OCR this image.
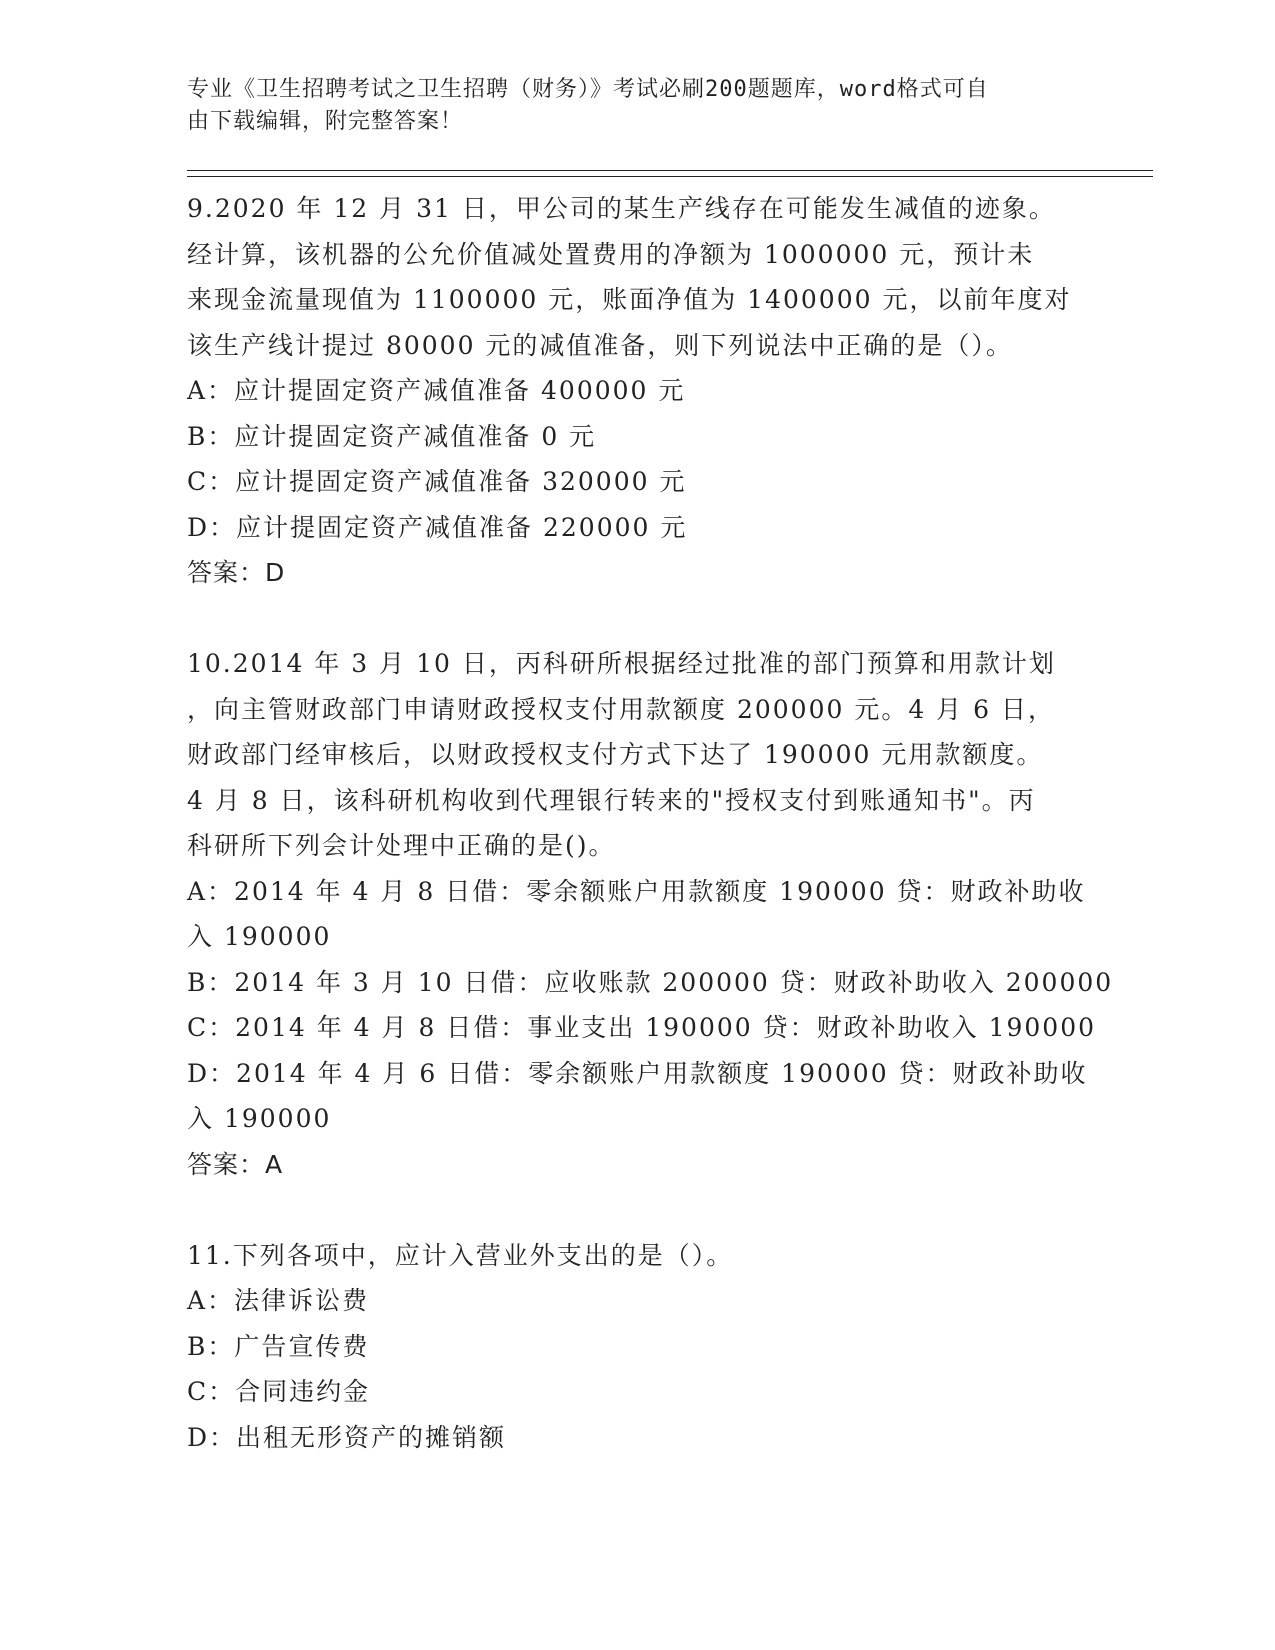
专业《卫生招聘考试之卫生招聘（财务）》考试必刷200题题库，word格式可自
由下载编辑，附完整答案！
9.2020 年 12 月 31 日，甲公司的某生产线存在可能发生减值的迹象。
经计算，该机器的公允价值减处置费用的净额为 1000000 元，预计未
来现金流量现值为 1100000 元，账面净值为 1400000 元，以前年度对
该生产线计提过 80000 元的减值准备，则下列说法中正确的是（）。
A：应计提固定资产减值准备 400000 元
B：应计提固定资产减值准备 0 元
C：应计提固定资产减值准备 320000 元
D：应计提固定资产减值准备 220000 元
答案：D
10.2014 年 3 月 10 日，丙科研所根据经过批准的部门预算和用款计划
，向主管财政部门申请财政授权支付用款额度 200000 元。4 月 6 日，
财政部门经审核后，以财政授权支付方式下达了 190000 元用款额度。
4 月 8 日，该科研机构收到代理银行转来的"授权支付到账通知书"。丙
科研所下列会计处理中正确的是()。
A：2014 年 4 月 8 日借：零余额账户用款额度 190000 贷：财政补助收
入 190000
B：2014 年 3 月 10 日借：应收账款 200000 贷：财政补助收入 200000
C：2014 年 4 月 8 日借：事业支出 190000 贷：财政补助收入 190000
D：2014 年 4 月 6 日借：零余额账户用款额度 190000 贷：财政补助收
入 190000
答案：A
11.下列各项中，应计入营业外支出的是（）。
A：法律诉讼费
B：广告宣传费
C：合同违约金
D：出租无形资产的摊销额
